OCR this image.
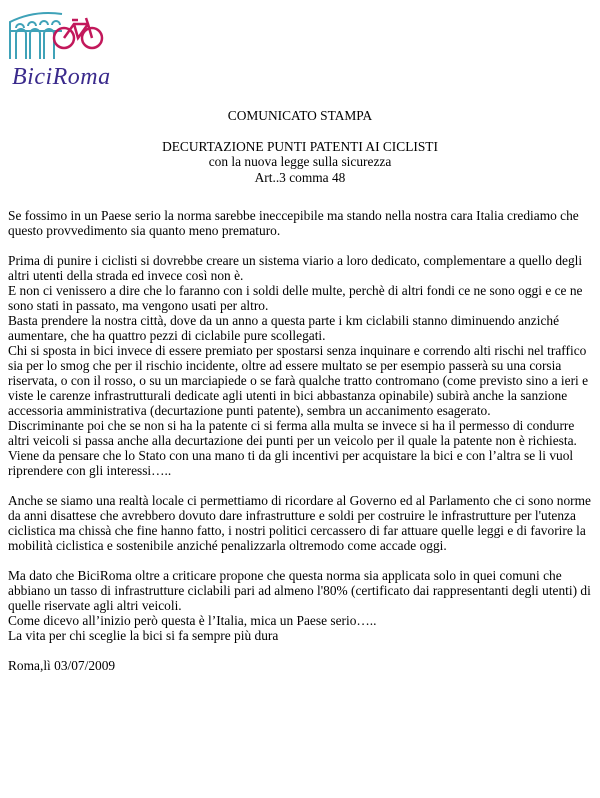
BiciRoma
COMUNICATO STAMPA
DECURTAZIONE PUNTI PATENTI AI CICLISTI
con la nuova legge sulla sicurezza
Art..3 comma 48

Se fossimo in un Paese serio la norma sarebbe ineccepibile ma stando nella nostra cara Italia crediamo che questo provvedimento sia quanto meno prematuro.

Prima di punire i ciclisti si dovrebbe creare un sistema viario a loro dedicato, complementare a quello degli altri utenti della strada ed invece così non è.

E non ci venissero a dire che lo faranno con i soldi delle multe, perchè di altri fondi ce ne sono oggi e ce ne sono stati in passato, ma vengono usati per altro.

Basta prendere la nostra città, dove da un anno a questa parte i km ciclabili stanno diminuendo anziché aumentare, che ha quattro pezzi di ciclabile pure scollegati.

Chi si sposta in bici invece di essere premiato per spostarsi senza inquinare e correndo alti rischi nel traffico sia per lo smog che per il rischio incidente, oltre ad essere multato se per esempio passerà su una corsia riservata, o con il rosso, o su un marciapiede o se farà qualche tratto contromano (come previsto sino a ieri e viste le carenze infrastrutturali dedicate agli utenti in bici abbastanza opinabile) subirà anche la sanzione accessoria amministrativa (decurtazione punti patente), sembra un accanimento esagerato.

Discriminante poi che se non si ha la patente ci si ferma alla multa se invece si ha il permesso di condurre altri veicoli si passa anche alla decurtazione dei punti per un veicolo per il quale la patente non è richiesta.

Viene da pensare che lo Stato con una mano ti da gli incentivi per acquistare la bici e con l’altra se li vuol riprendere con gli interessi…..

Anche se siamo una realtà locale ci permettiamo di ricordare al Governo ed al Parlamento che ci sono norme da anni disattese che avrebbero dovuto dare infrastrutture e soldi per costruire le infrastrutture per l'utenza ciclistica ma chissà che fine hanno fatto, i nostri politici cercassero di far attuare quelle leggi e di favorire la mobilità ciclistica e sostenibile anziché penalizzarla oltremodo come accade oggi.

Ma dato che BiciRoma oltre a criticare propone che questa norma sia applicata solo in quei comuni che abbiano un tasso di infrastrutture ciclabili pari ad almeno l'80% (certificato dai rappresentanti degli utenti) di quelle riservate agli altri veicoli.

Come dicevo all’inizio però questa è l’Italia, mica un Paese serio…..

La vita per chi sceglie la bici si fa sempre più dura

Roma,lì 03/07/2009
